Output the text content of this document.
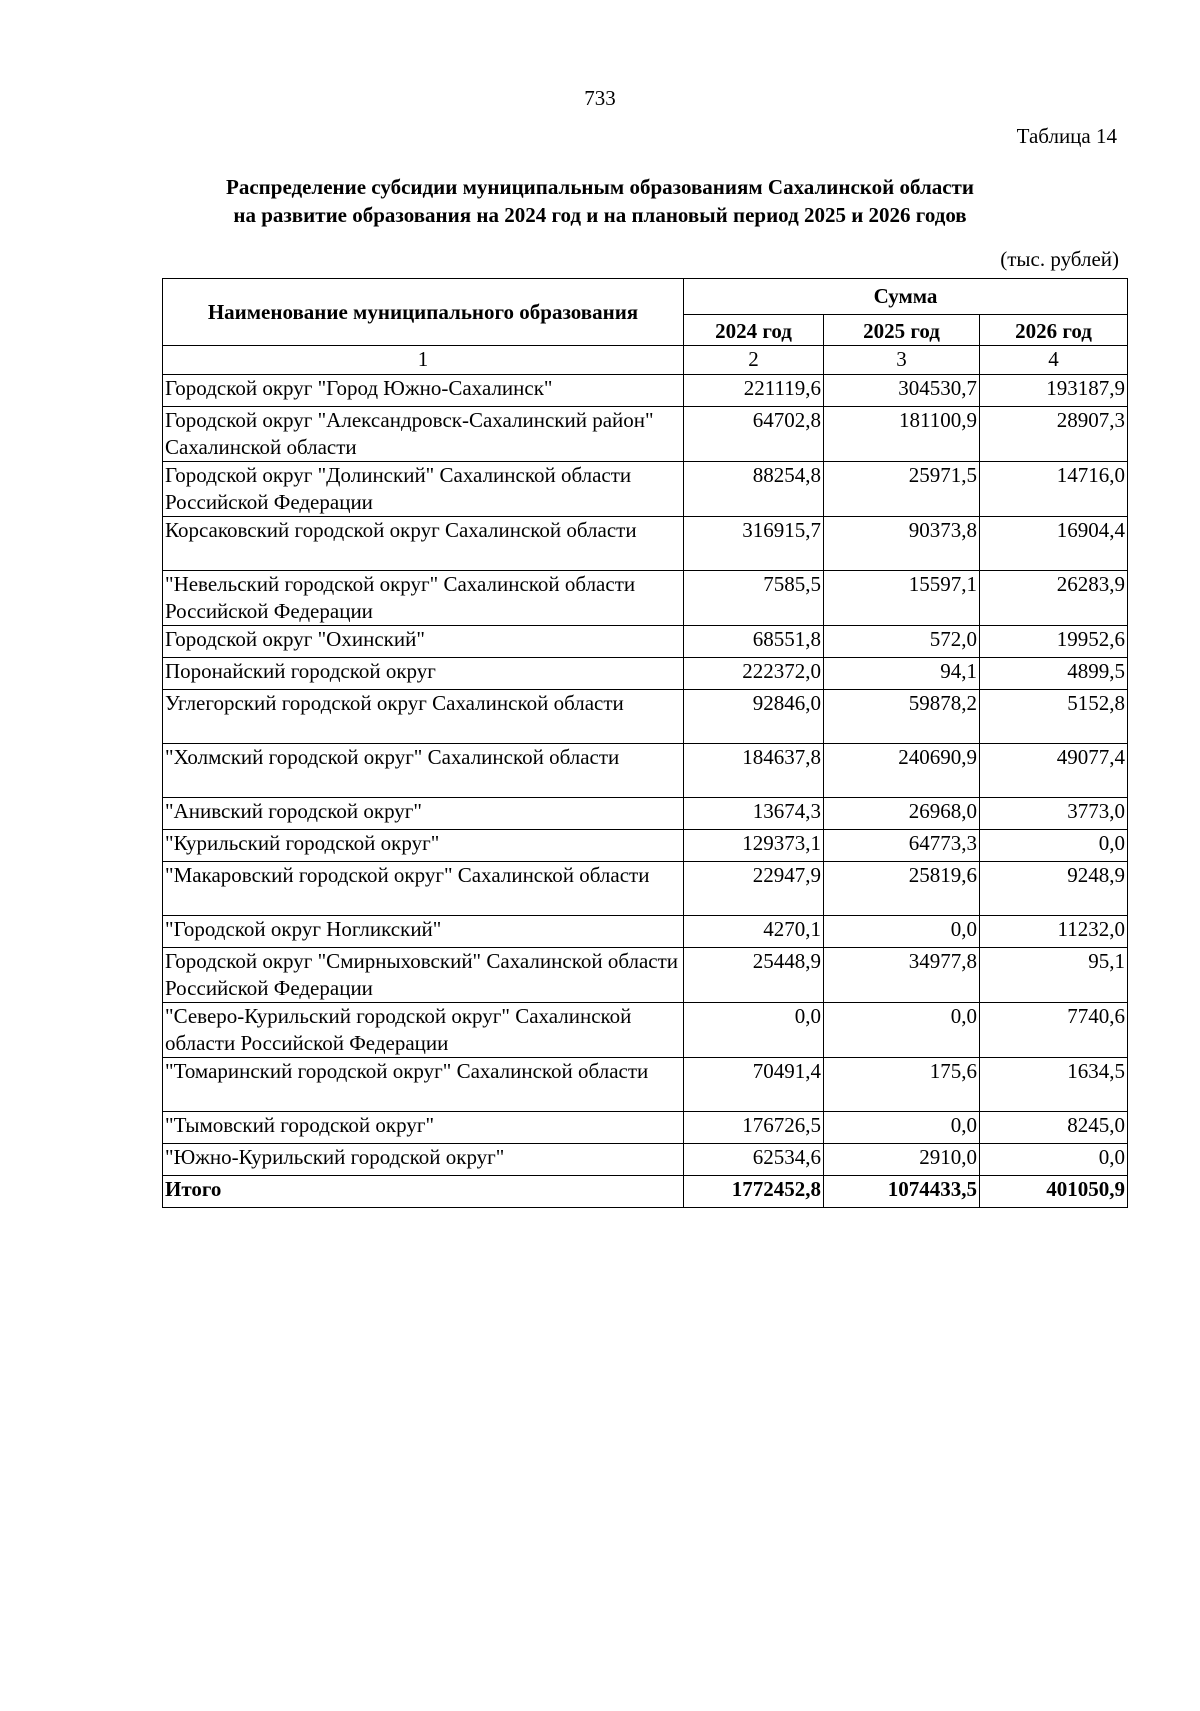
733
Таблица 14
Распределение субсидии муниципальным образованиям Сахалинской области
на развитие образования на 2024 год и на плановый период 2025 и 2026 годов
(тыс. рублей)
Наименование муниципального образования	Сумма		
	2024 год	2025 год	2026 год
1	2	3	4
Городской округ "Город Южно-Сахалинск"	221119,6	304530,7	193187,9
Городской округ "Александровск-Сахалинский район" Сахалинской области	64702,8	181100,9	28907,3
Городской округ "Долинский" Сахалинской области Российской Федерации	88254,8	25971,5	14716,0
Корсаковский городской округ Сахалинской области	316915,7	90373,8	16904,4
"Невельский городской округ" Сахалинской области Российской Федерации	7585,5	15597,1	26283,9
Городской округ "Охинский"	68551,8	572,0	19952,6
Поронайский городской округ	222372,0	94,1	4899,5
Углегорский городской округ Сахалинской области	92846,0	59878,2	5152,8
"Холмский городской округ" Сахалинской области	184637,8	240690,9	49077,4
"Анивский городской округ"	13674,3	26968,0	3773,0
"Курильский городской округ"	129373,1	64773,3	0,0
"Макаровский городской округ" Сахалинской области	22947,9	25819,6	9248,9
"Городской округ Ногликский"	4270,1	0,0	11232,0
Городской округ "Смирныховский" Сахалинской области Российской Федерации	25448,9	34977,8	95,1
"Северо-Курильский городской округ" Сахалинской области Российской Федерации	0,0	0,0	7740,6
"Томаринский городской округ" Сахалинской области	70491,4	175,6	1634,5
"Тымовский городской округ"	176726,5	0,0	8245,0
"Южно-Курильский городской округ"	62534,6	2910,0	0,0
Итого	1772452,8	1074433,5	401050,9
